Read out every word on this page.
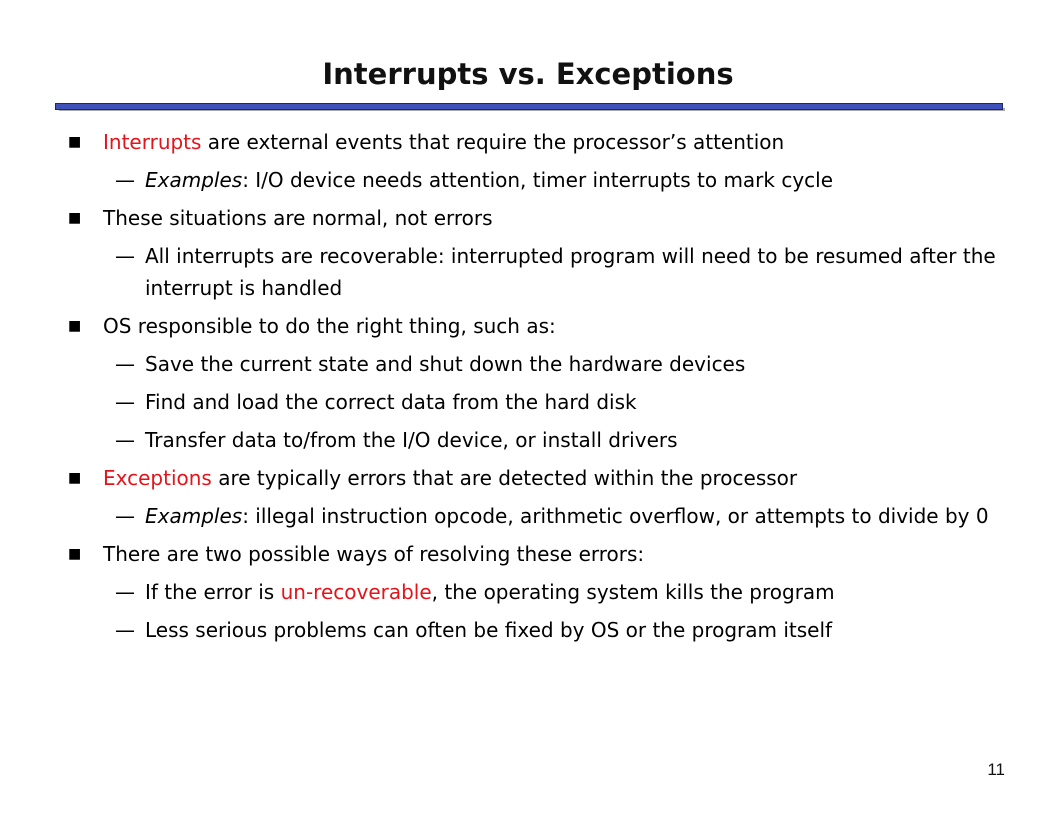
Interrupts vs. Exceptions
■ Interrupts are external events that require the processor’s attention
— Examples: I/O device needs attention, timer interrupts to mark cycle
■ These situations are normal, not errors
— All interrupts are recoverable: interrupted program will need to be resumed after the interrupt is handled
■ OS responsible to do the right thing, such as:
— Save the current state and shut down the hardware devices
— Find and load the correct data from the hard disk
— Transfer data to/from the I/O device, or install drivers
■ Exceptions are typically errors that are detected within the processor
— Examples: illegal instruction opcode, arithmetic overflow, or attempts to divide by 0
■ There are two possible ways of resolving these errors:
— If the error is un-recoverable, the operating system kills the program
— Less serious problems can often be fixed by OS or the program itself
11
